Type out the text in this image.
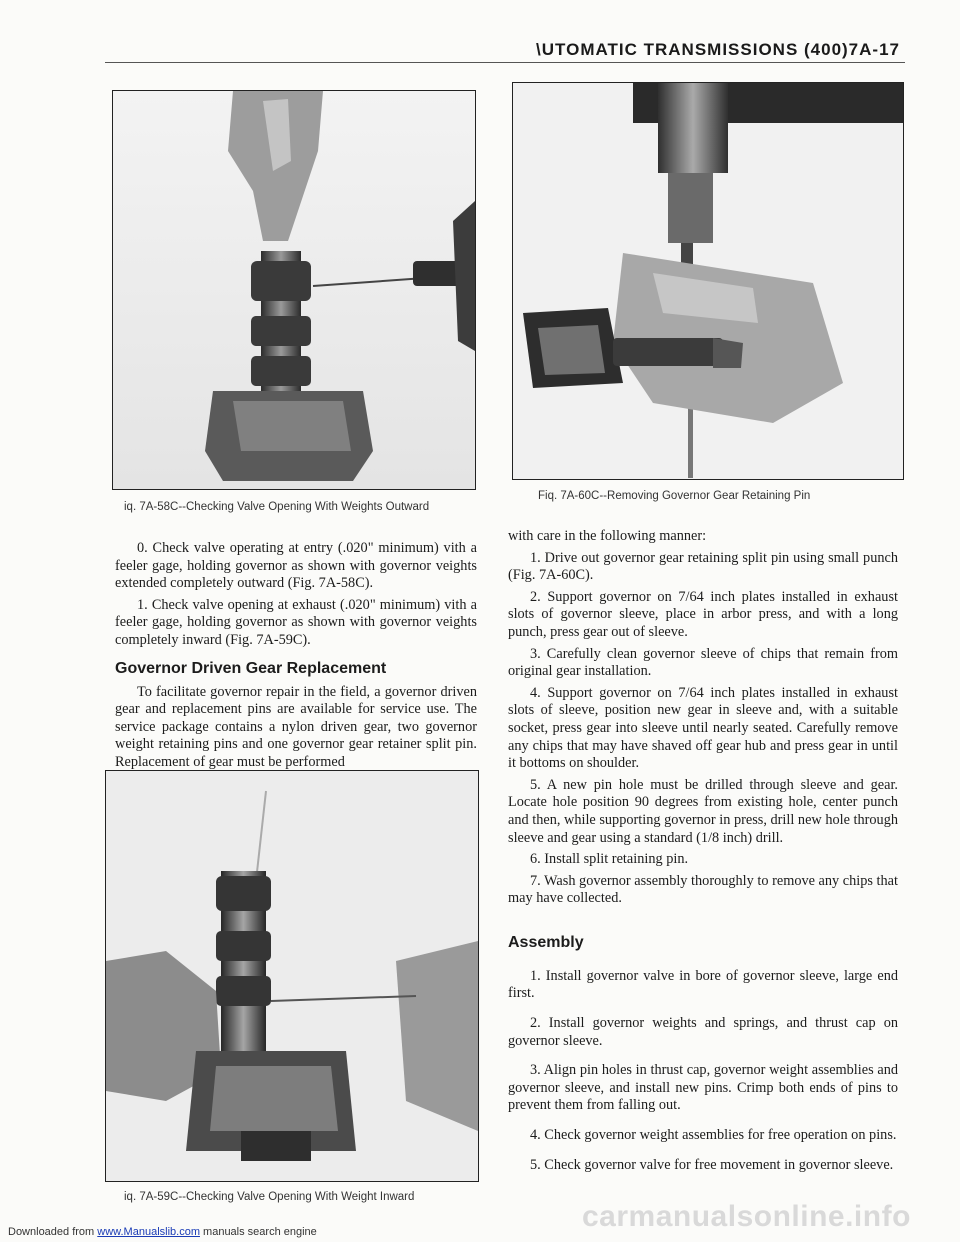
\UTOMATIC TRANSMISSIONS (400)7A-17
iq. 7A-58C--Checking Valve Opening With Weights Outward

0. Check valve operating at entry (.020" minimum) vith a feeler gage, holding governor as shown with governor veights extended completely outward (Fig. 7A-58C).

1. Check valve opening at exhaust (.020" minimum) vith a feeler gage, holding governor as shown with governor veights completely inward (Fig. 7A-59C).

Governor Driven Gear Replacement

To facilitate governor repair in the field, a governor driven gear and replacement pins are available for service use. The service package contains a nylon driven gear, two governor weight retaining pins and one governor gear retainer split pin. Replacement of gear must be performed

iq. 7A-59C--Checking Valve Opening With Weight Inward
Fiq. 7A-60C--Removing Governor Gear Retaining Pin

with care in the following manner:

1. Drive out governor gear retaining split pin using small punch (Fig. 7A-60C).

2. Support governor on 7/64 inch plates installed in exhaust slots of governor sleeve, place in arbor press, and with a long punch, press gear out of sleeve.

3. Carefully clean governor sleeve of chips that remain from original gear installation.

4. Support governor on 7/64 inch plates installed in exhaust slots of sleeve, position new gear in sleeve and, with a suitable socket, press gear into sleeve until nearly seated. Carefully remove any chips that may have shaved off gear hub and press gear in until it bottoms on shoulder.

5. A new pin hole must be drilled through sleeve and gear. Locate hole position 90 degrees from existing hole, center punch and then, while supporting governor in press, drill new hole through sleeve and gear using a standard (1/8 inch) drill.

6. Install split retaining pin.

7. Wash governor assembly thoroughly to remove any chips that may have collected.

Assembly

1. Install governor valve in bore of governor sleeve, large end first.

2. Install governor weights and springs, and thrust cap on governor sleeve.

3. Align pin holes in thrust cap, governor weight assemblies and governor sleeve, and install new pins. Crimp both ends of pins to prevent them from falling out.

4. Check governor weight assemblies for free operation on pins.

5. Check governor valve for free movement in governor sleeve.

carmanualsonline.info
Downloaded from www.Manualslib.com manuals search engine
